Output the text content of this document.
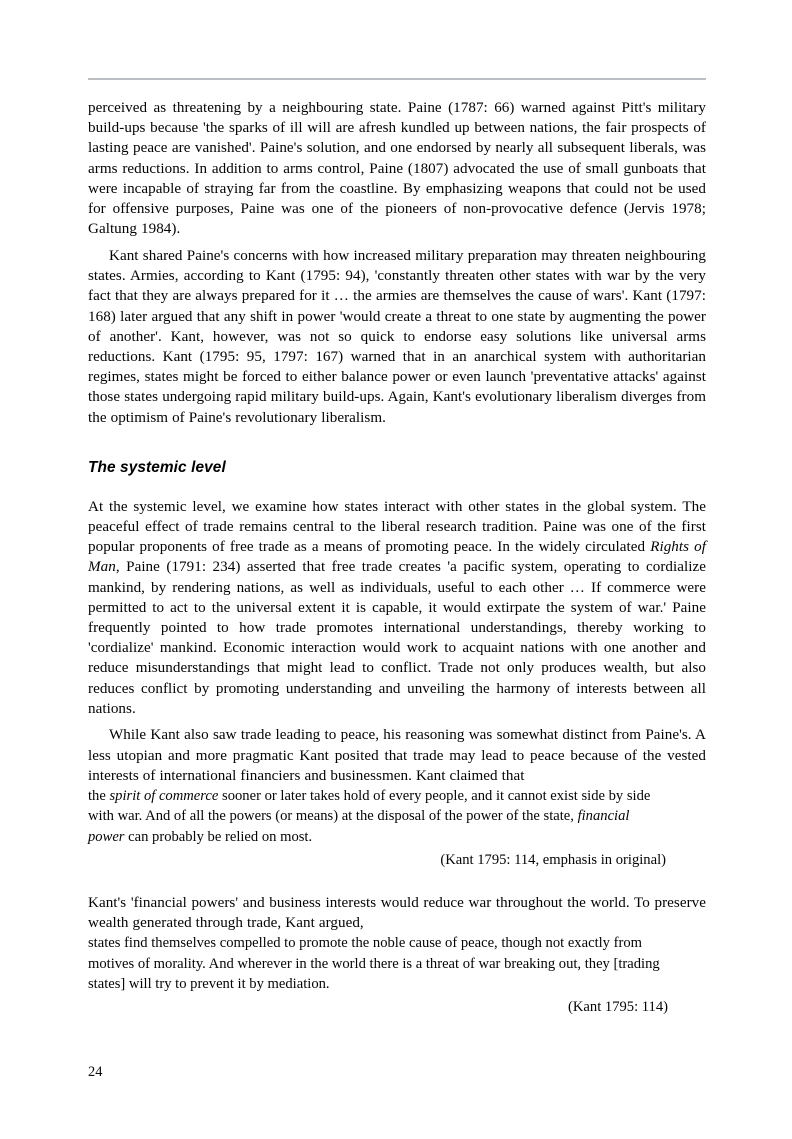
perceived as threatening by a neighbouring state. Paine (1787: 66) warned against Pitt's military build-ups because 'the sparks of ill will are afresh kundled up between nations, the fair prospects of lasting peace are vanished'. Paine's solution, and one endorsed by nearly all subsequent liberals, was arms reductions. In addition to arms control, Paine (1807) advocated the use of small gunboats that were incapable of straying far from the coastline. By emphasizing weapons that could not be used for offensive purposes, Paine was one of the pioneers of non-provocative defence (Jervis 1978; Galtung 1984).

Kant shared Paine's concerns with how increased military preparation may threaten neighbouring states. Armies, according to Kant (1795: 94), 'constantly threaten other states with war by the very fact that they are always prepared for it … the armies are themselves the cause of wars'. Kant (1797: 168) later argued that any shift in power 'would create a threat to one state by augmenting the power of another'. Kant, however, was not so quick to endorse easy solutions like universal arms reductions. Kant (1795: 95, 1797: 167) warned that in an anarchical system with authoritarian regimes, states might be forced to either balance power or even launch 'preventative attacks' against those states undergoing rapid military build-ups. Again, Kant's evolutionary liberalism diverges from the optimism of Paine's revolutionary liberalism.

The systemic level

At the systemic level, we examine how states interact with other states in the global system. The peaceful effect of trade remains central to the liberal research tradition. Paine was one of the first popular proponents of free trade as a means of promoting peace. In the widely circulated Rights of Man, Paine (1791: 234) asserted that free trade creates 'a pacific system, operating to cordialize mankind, by rendering nations, as well as individuals, useful to each other … If commerce were permitted to act to the universal extent it is capable, it would extirpate the system of war.' Paine frequently pointed to how trade promotes international understandings, thereby working to 'cordialize' mankind. Economic interaction would work to acquaint nations with one another and reduce misunderstandings that might lead to conflict. Trade not only produces wealth, but also reduces conflict by promoting understanding and unveiling the harmony of interests between all nations.

While Kant also saw trade leading to peace, his reasoning was somewhat distinct from Paine's. A less utopian and more pragmatic Kant posited that trade may lead to peace because of the vested interests of international financiers and businessmen. Kant claimed that

the spirit of commerce sooner or later takes hold of every people, and it cannot exist side by side with war. And of all the powers (or means) at the disposal of the power of the state, financial power can probably be relied on most.

(Kant 1795: 114, emphasis in original)

Kant's 'financial powers' and business interests would reduce war throughout the world. To preserve wealth generated through trade, Kant argued,

states find themselves compelled to promote the noble cause of peace, though not exactly from motives of morality. And wherever in the world there is a threat of war breaking out, they [trading states] will try to prevent it by mediation.

(Kant 1795: 114)
24
